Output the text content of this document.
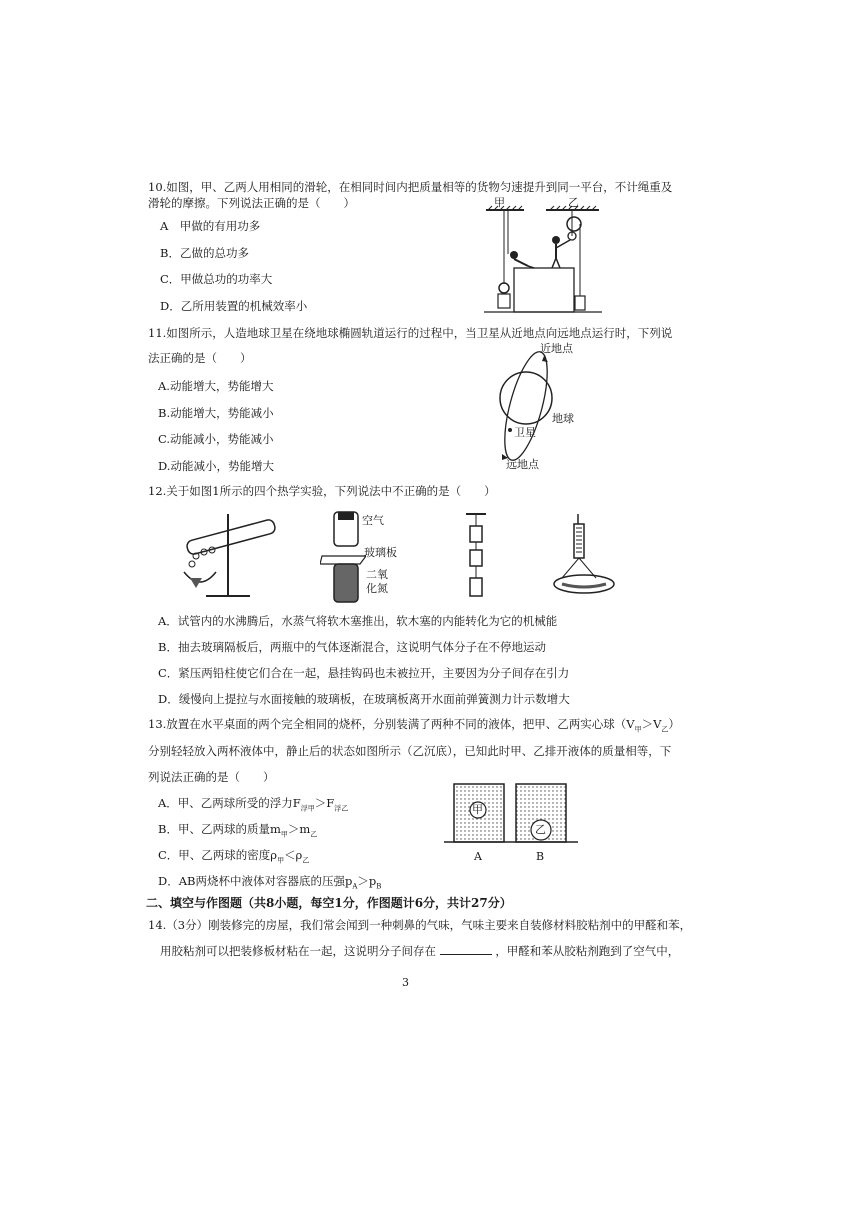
10.如图，甲、乙两人用相同的滑轮，在相同时间内把质量相等的货物匀速提升到同一平台，不计绳重及
滑轮的摩擦。下列说法正确的是（　　）
A　甲做的有用功多
B．乙做的总功多
C．甲做总功的功率大
D．乙所用装置的机械效率小
甲	乙
11.如图所示，人造地球卫星在绕地球椭圆轨道运行的过程中，当卫星从近地点向远地点运行时，下列说
法正确的是（　　）
A.动能增大，势能增大
B.动能增大，势能减小
C.动能减小，势能减小
D.动能减小，势能增大
近地点
地球
卫星
远地点
12.关于如图1所示的四个热学实验，下列说法中不正确的是（　　）
空气
玻璃板
二氧
化氮
A．试管内的水沸腾后，水蒸气将软木塞推出，软木塞的内能转化为它的机械能
B．抽去玻璃隔板后，两瓶中的气体逐渐混合，这说明气体分子在不停地运动
C．紧压两铅柱使它们合在一起，悬挂钩码也未被拉开，主要因为分子间存在引力
D．缓慢向上提拉与水面接触的玻璃板，在玻璃板离开水面前弹簧测力计示数增大
13.放置在水平桌面的两个完全相同的烧杯，分别装满了两种不同的液体，把甲、乙两实心球$(V_甲>V_乙)$
分别轻轻放入两杯液体中，静止后的状态如图所示（乙沉底），已知此时甲、乙排开液体的质量相等，下
列说法正确的是（　　）
A．甲、乙两球所受的浮力$F_{浮甲}>F_{浮乙}$
B．甲、乙两球的质量$m_甲>m_乙$
C．甲、乙两球的密度$\rho_甲<\rho_乙$
D．AB两烧杯中液体对容器底的压强$p_A>p_B$
甲
乙
A	B
二、填空与作图题（共8小题，每空1分，作图题计6分，共计27分）
14.（3分）刚装修完的房屋，我们常会闻到一种刺鼻的气味，气味主要来自装修材料胶粘剂中的甲醛和苯，
用胶粘剂可以把装修板材粘在一起，这说明分子间存在	，甲醛和苯从胶粘剂跑到了空气中，
3
